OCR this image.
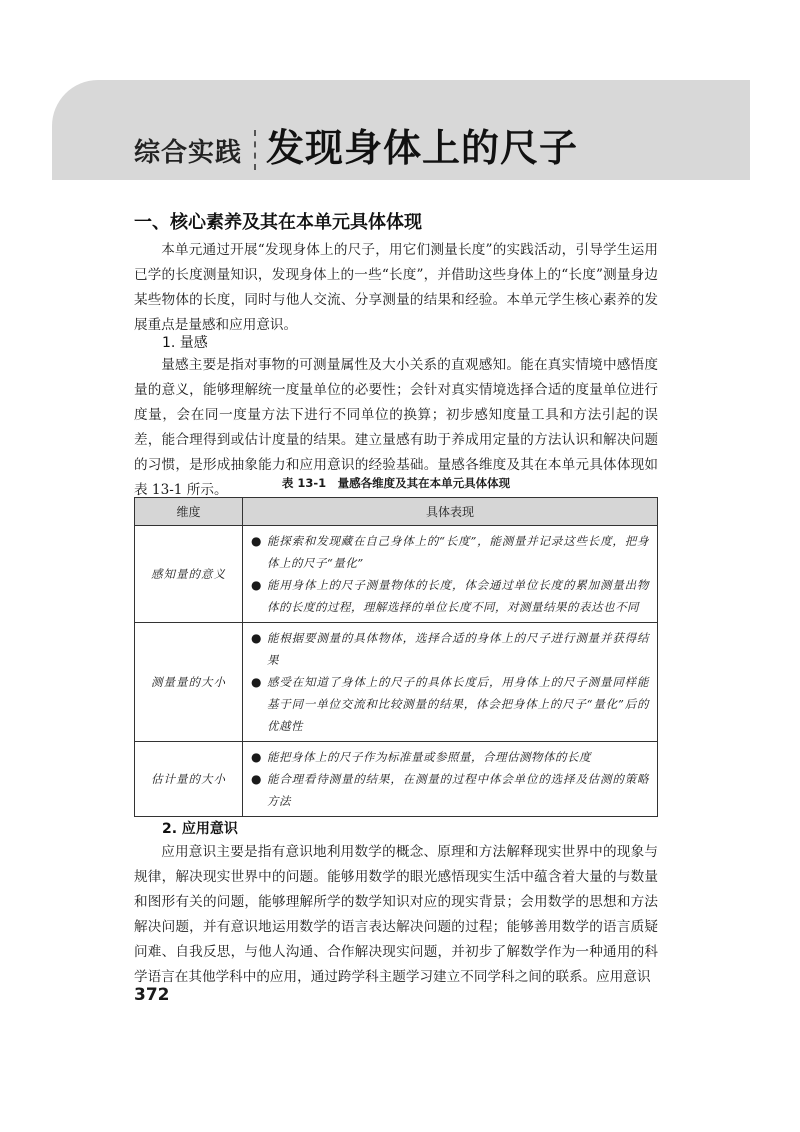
综合实践 发现身体上的尺子
一、核心素养及其在本单元具体体现

本单元通过开展“发现身体上的尺子，用它们测量长度”的实践活动，引导学生运用已学的长度测量知识，发现身体上的一些“长度”，并借助这些身体上的“长度”测量身边某些物体的长度，同时与他人交流、分享测量的结果和经验。本单元学生核心素养的发展重点是量感和应用意识。

1. 量感

量感主要是指对事物的可测量属性及大小关系的直观感知。能在真实情境中感悟度量的意义，能够理解统一度量单位的必要性；会针对真实情境选择合适的度量单位进行度量，会在同一度量方法下进行不同单位的换算；初步感知度量工具和方法引起的误差，能合理得到或估计度量的结果。建立量感有助于养成用定量的方法认识和解决问题的习惯，是形成抽象能力和应用意识的经验基础。量感各维度及其在本单元具体体现如表 13-1 所示。	表 13-1　量感各维度及其在本单元具体体现
维度	具体表现
感知量的意义	● 能探索和发现藏在自己身体上的“长度”，能测量并记录这些长度，把身体上的尺子“量化”
● 能用身体上的尺子测量物体的长度，体会通过单位长度的累加测量出物体的长度的过程，理解选择的单位长度不同，对测量结果的表达也不同

测量量的大小	● 能根据要测量的具体物体，选择合适的身体上的尺子进行测量并获得结果
● 感受在知道了身体上的尺子的具体长度后，用身体上的尺子测量同样能基于同一单位交流和比较测量的结果，体会把身体上的尺子“量化”后的优越性

估计量的大小	● 能把身体上的尺子作为标准量或参照量，合理估测物体的长度
● 能合理看待测量的结果，在测量的过程中体会单位的选择及估测的策略方法
2. 应用意识

应用意识主要是指有意识地利用数学的概念、原理和方法解释现实世界中的现象与规律，解决现实世界中的问题。能够用数学的眼光感悟现实生活中蕴含着大量的与数量和图形有关的问题，能够理解所学的数学知识对应的现实背景；会用数学的思想和方法解决问题，并有意识地运用数学的语言表达解决问题的过程；能够善用数学的语言质疑问难、自我反思，与他人沟通、合作解决现实问题，并初步了解数学作为一种通用的科学语言在其他学科中的应用，通过跨学科主题学习建立不同学科之间的联系。应用意识

372
